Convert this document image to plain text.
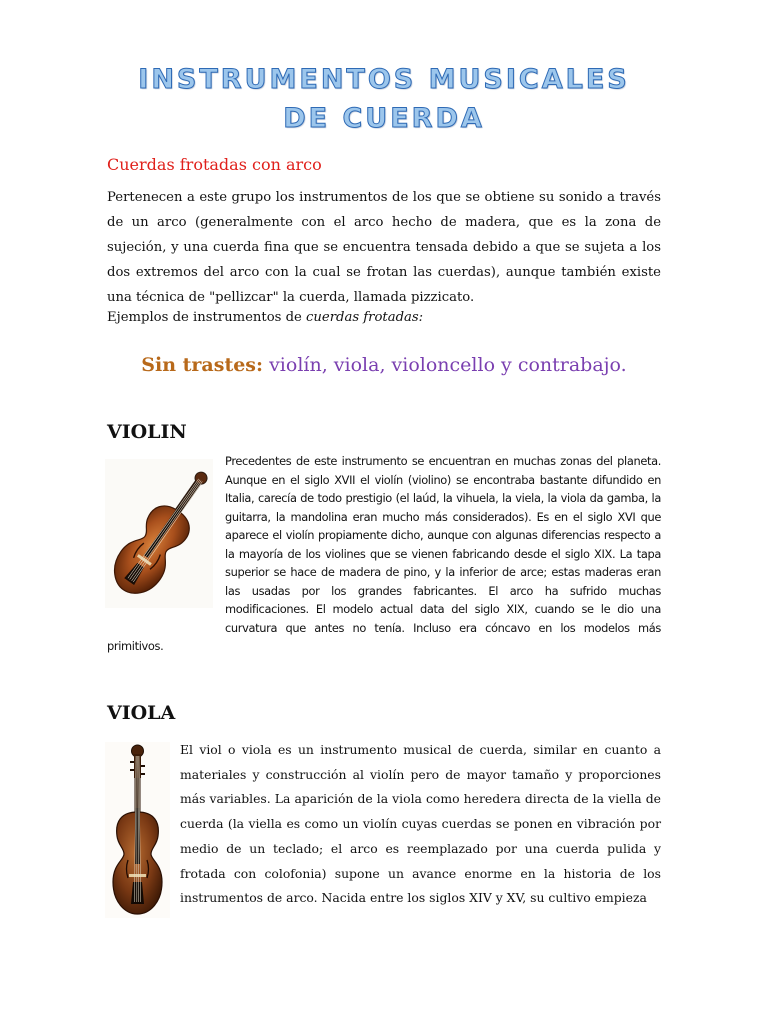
INSTRUMENTOS MUSICALES
DE CUERDA
Cuerdas frotadas con arco

Pertenecen a este grupo los instrumentos de los que se obtiene su sonido a través de un arco (generalmente con el arco hecho de madera, que es la zona de sujeción, y una cuerda fina que se encuentra tensada debido a que se sujeta a los dos extremos del arco con la cual se frotan las cuerdas), aunque también existe una técnica de "pellizcar" la cuerda, llamada pizzicato.

Ejemplos de instrumentos de cuerdas frotadas:
Sin trastes: violín, viola, violoncello y contrabajo.
VIOLIN
Precedentes de este instrumento se encuentran en muchas zonas del planeta. Aunque en el siglo XVII el violín (violino) se encontraba bastante difundido en Italia, carecía de todo prestigio (el laúd, la vihuela, la viela, la viola da gamba, la guitarra, la mandolina eran mucho más considerados). Es en el siglo XVI que aparece el violín propiamente dicho, aunque con algunas diferencias respecto a la mayoría de los violines que se vienen fabricando desde el siglo XIX. La tapa superior se hace de madera de pino, y la inferior de arce; estas maderas eran las usadas por los grandes fabricantes. El arco ha sufrido muchas modificaciones. El modelo actual data del siglo XIX, cuando se le dio una curvatura que antes no tenía. Incluso era cóncavo en los modelos más primitivos.
VIOLA
El viol o viola es un instrumento musical de cuerda, similar en cuanto a materiales y construcción al violín pero de mayor tamaño y proporciones más variables. La aparición de la viola como heredera directa de la viella de cuerda (la viella es como un violín cuyas cuerdas se ponen en vibración por medio de un teclado; el arco es reemplazado por una cuerda pulida y frotada con colofonia) supone un avance enorme en la historia de los instrumentos de arco. Nacida entre los siglos XIV y XV, su cultivo empieza
